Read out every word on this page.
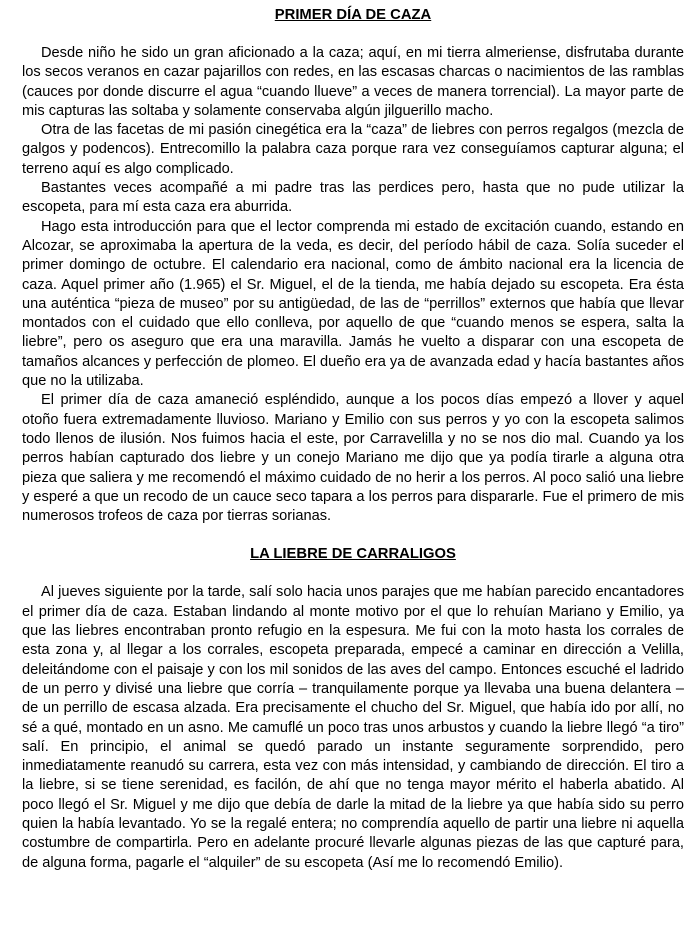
PRIMER DÍA DE CAZA

Desde niño he sido un gran aficionado a la caza; aquí, en mi tierra almeriense, disfrutaba durante los secos veranos en cazar pajarillos con redes, en las escasas charcas o nacimientos de las ramblas (cauces por donde discurre el agua “cuando llueve” a veces de manera torrencial). La mayor parte de mis capturas las soltaba y solamente conservaba algún jilguerillo macho.

Otra de las facetas de mi pasión cinegética era la “caza” de liebres con perros regalgos (mezcla de galgos y podencos). Entrecomillo la palabra caza porque rara vez conseguíamos capturar alguna; el terreno aquí es algo complicado.

Bastantes veces acompañé a mi padre tras las perdices pero, hasta que no pude utilizar la escopeta, para mí esta caza era aburrida.

Hago esta introducción para que el lector comprenda mi estado de excitación cuando, estando en Alcozar, se aproximaba la apertura de la veda, es decir, del período hábil de caza. Solía suceder el primer domingo de octubre. El calendario era nacional, como de ámbito nacional era la licencia de caza. Aquel primer año (1.965) el Sr. Miguel, el de la tienda, me había dejado su escopeta. Era ésta una auténtica “pieza de museo” por su antigüedad, de las de “perrillos” externos que había que llevar montados con el cuidado que ello conlleva, por aquello de que “cuando menos se espera, salta la liebre”, pero os aseguro que era una maravilla. Jamás he vuelto a disparar con una escopeta de tamaños alcances y perfección de plomeo. El dueño era ya de avanzada edad y hacía bastantes años que no la utilizaba.

El primer día de caza amaneció espléndido, aunque a los pocos días empezó a llover y aquel otoño fuera extremadamente lluvioso. Mariano y Emilio con sus perros y yo con la escopeta salimos todo llenos de ilusión. Nos fuimos hacia el este, por Carravelilla y no se nos dio mal. Cuando ya los perros habían capturado dos liebre y un conejo Mariano me dijo que ya podía tirarle a alguna otra pieza que saliera y me recomendó el máximo cuidado de no herir a los perros. Al poco salió una liebre y esperé a que un recodo de un cauce seco tapara a los perros para dispararle. Fue el primero de mis numerosos trofeos de caza por tierras sorianas.

LA LIEBRE DE CARRALIGOS

Al jueves siguiente por la tarde, salí solo hacia unos parajes que me habían parecido encantadores el primer día de caza. Estaban lindando al monte motivo por el que lo rehuían Mariano y Emilio, ya que las liebres encontraban pronto refugio en la espesura. Me fui con la moto hasta los corrales de esta zona y, al llegar a los corrales, escopeta preparada, empecé a caminar en dirección a Velilla, deleitándome con el paisaje y con los mil sonidos de las aves del campo. Entonces escuché el ladrido de un perro y divisé una liebre que corría – tranquilamente porque ya llevaba una buena delantera – de un perrillo de escasa alzada. Era precisamente el chucho del Sr. Miguel, que había ido por allí, no sé a qué, montado en un asno. Me camuflé un poco tras unos arbustos y cuando la liebre llegó “a tiro” salí. En principio, el animal se quedó parado un instante seguramente sorprendido, pero inmediatamente reanudó su carrera, esta vez con más intensidad, y cambiando de dirección. El tiro a la liebre, si se tiene serenidad, es facilón, de ahí que no tenga mayor mérito el haberla abatido. Al poco llegó el Sr. Miguel y me dijo que debía de darle la mitad de la liebre ya que había sido su perro quien la había levantado. Yo se la regalé entera; no comprendía aquello de partir una liebre ni aquella costumbre de compartirla. Pero en adelante procuré llevarle algunas piezas de las que capturé para, de alguna forma, pagarle el “alquiler” de su escopeta (Así me lo recomendó Emilio).
